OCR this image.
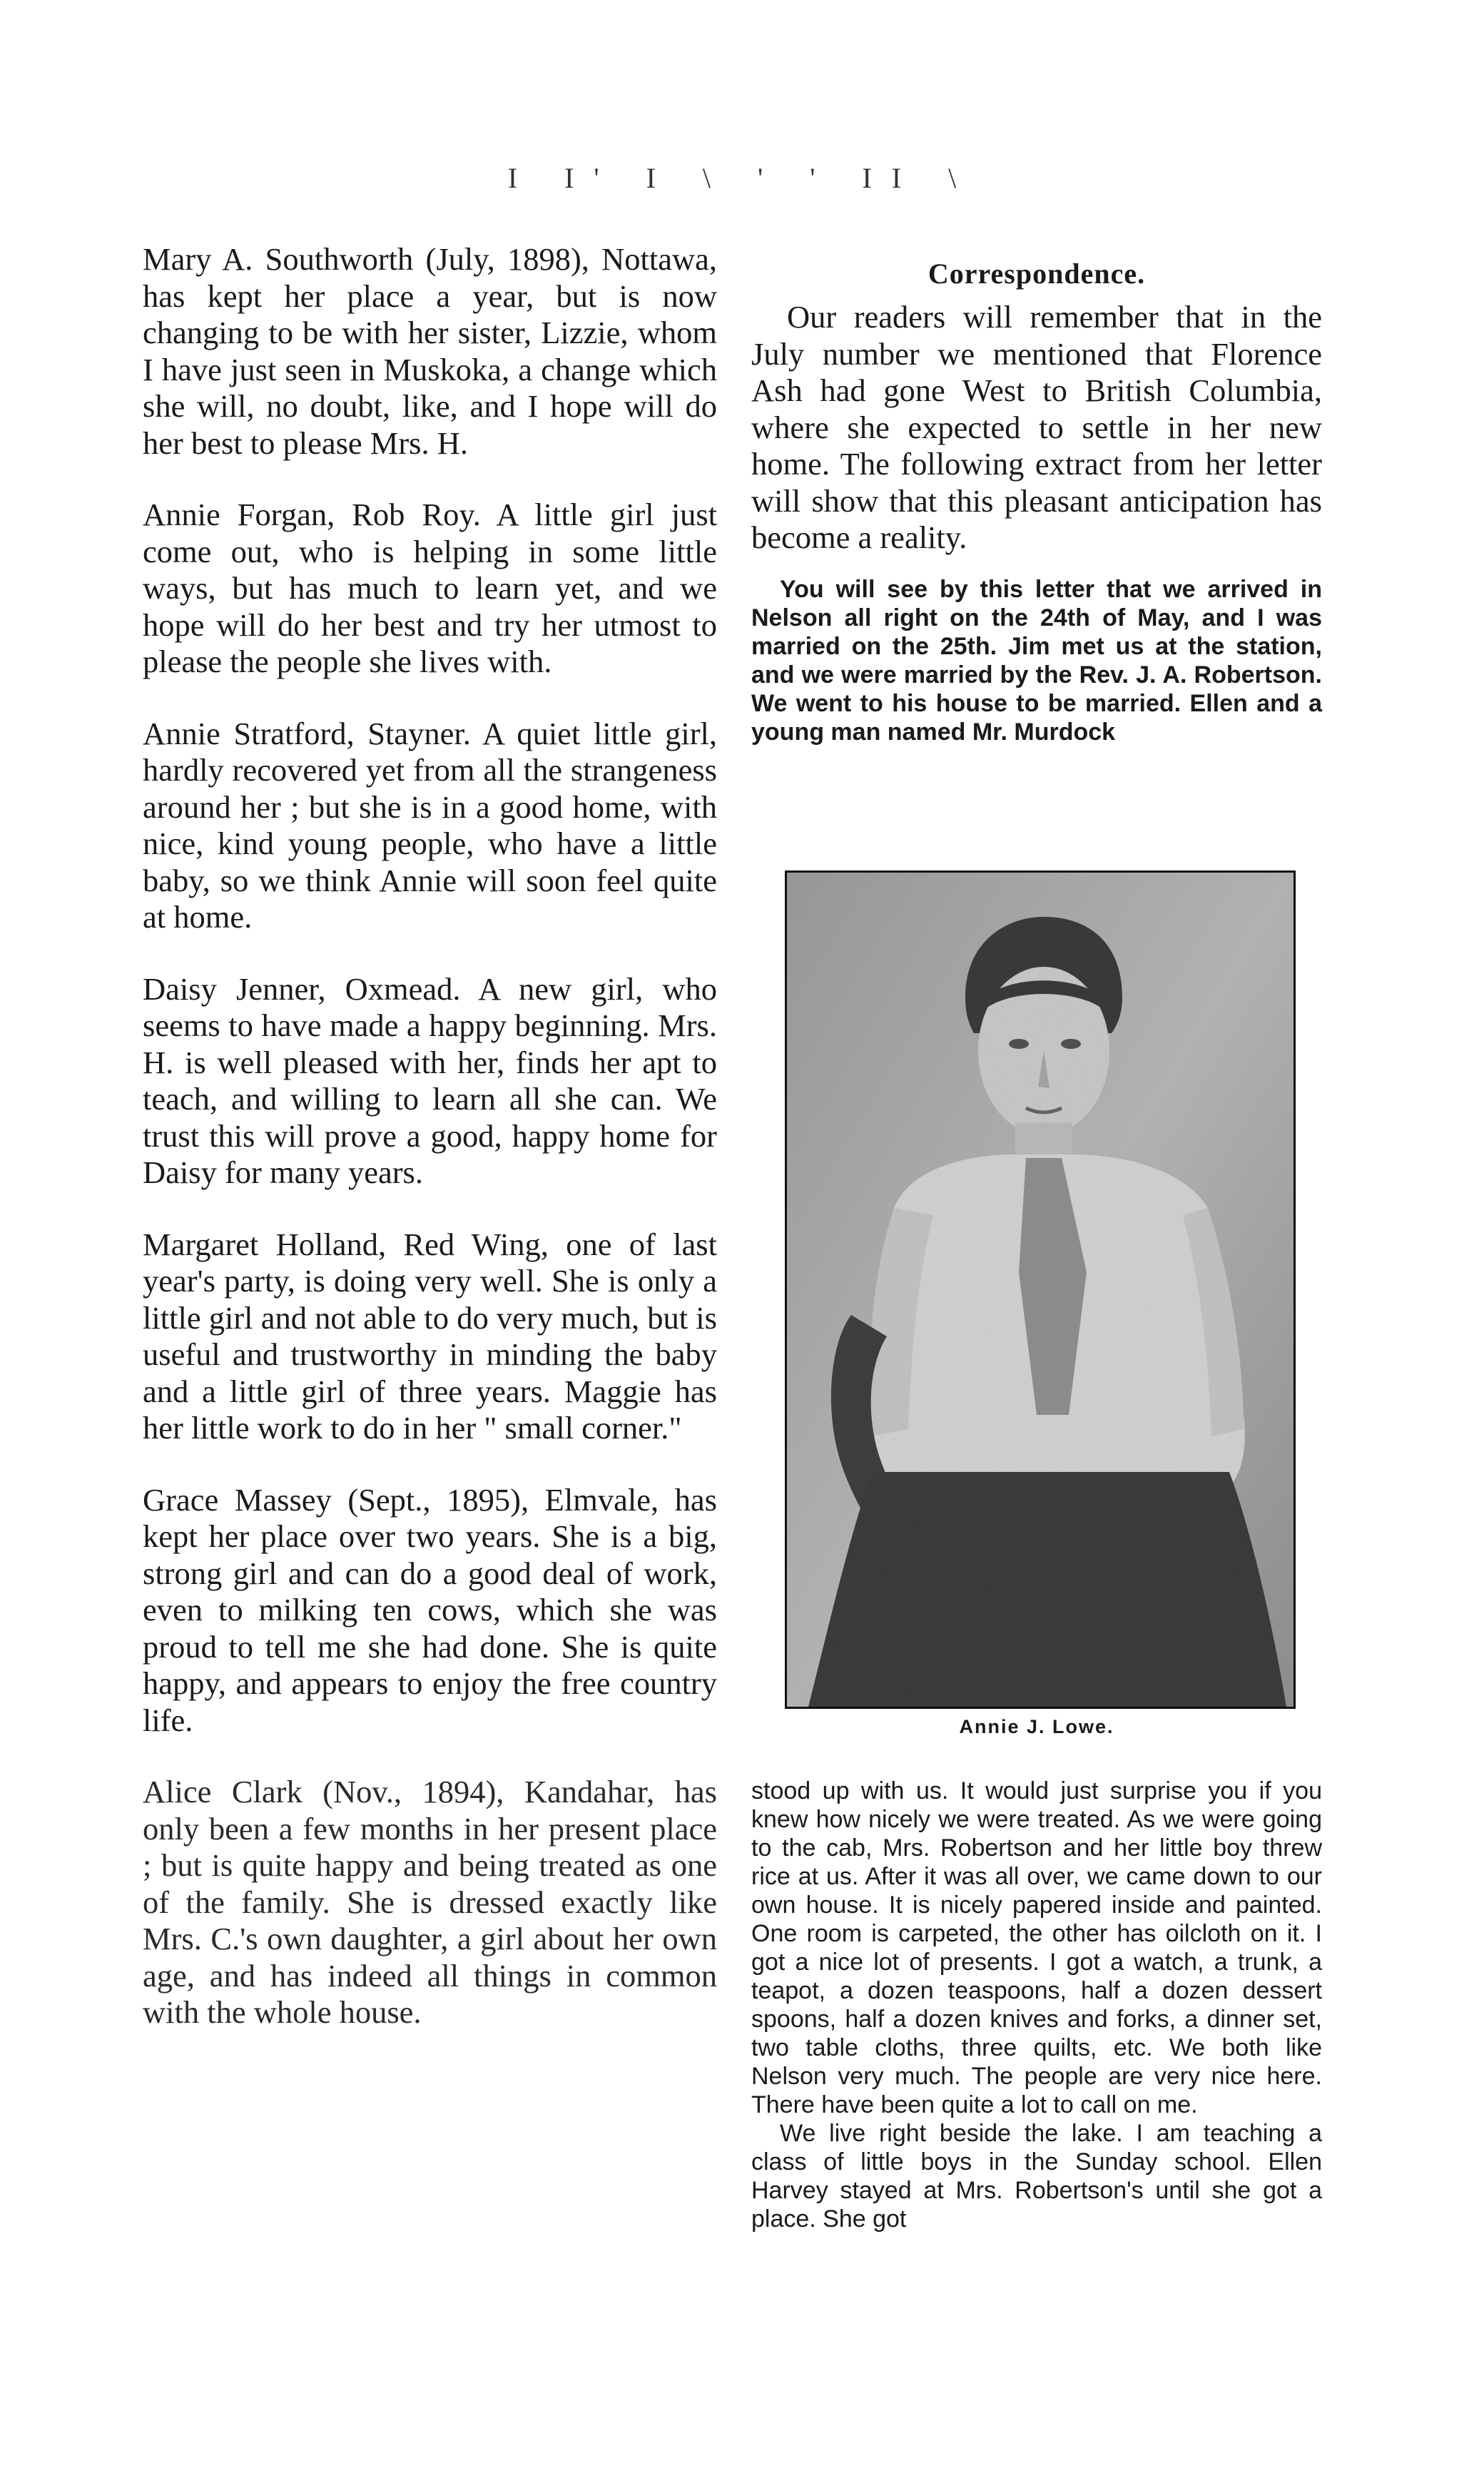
I I' I \ ' ' II \

Mary A. Southworth (July, 1898), Nottawa, has kept her place a year, but is now changing to be with her sister, Lizzie, whom I have just seen in Muskoka, a change which she will, no doubt, like, and I hope will do her best to please Mrs. H.

Annie Forgan, Rob Roy. A little girl just come out, who is helping in some little ways, but has much to learn yet, and we hope will do her best and try her utmost to please the people she lives with.

Annie Stratford, Stayner. A quiet little girl, hardly recovered yet from all the strangeness around her ; but she is in a good home, with nice, kind young people, who have a little baby, so we think Annie will soon feel quite at home.

Daisy Jenner, Oxmead. A new girl, who seems to have made a happy beginning. Mrs. H. is well pleased with her, finds her apt to teach, and willing to learn all she can. We trust this will prove a good, happy home for Daisy for many years.

Margaret Holland, Red Wing, one of last year's party, is doing very well. She is only a little girl and not able to do very much, but is useful and trustworthy in minding the baby and a little girl of three years. Maggie has her little work to do in her " small corner."

Grace Massey (Sept., 1895), Elmvale, has kept her place over two years. She is a big, strong girl and can do a good deal of work, even to milking ten cows, which she was proud to tell me she had done. She is quite happy, and appears to enjoy the free country life.

Alice Clark (Nov., 1894), Kandahar, has only been a few months in her present place ; but is quite happy and being treated as one of the family. She is dressed exactly like Mrs. C.'s own daughter, a girl about her own age, and has indeed all things in common with the whole house.

Correspondence.

Our readers will remember that in the July number we mentioned that Florence Ash had gone West to British Columbia, where she expected to settle in her new home. The following extract from her letter will show that this pleasant anticipation has become a reality.

You will see by this letter that we arrived in Nelson all right on the 24th of May, and I was married on the 25th. Jim met us at the station, and we were married by the Rev. J. A. Robertson. We went to his house to be married. Ellen and a young man named Mr. Murdock

Annie J. Lowe.

stood up with us. It would just surprise you if you knew how nicely we were treated. As we were going to the cab, Mrs. Robertson and her little boy threw rice at us. After it was all over, we came down to our own house. It is nicely papered inside and painted. One room is carpeted, the other has oilcloth on it. I got a nice lot of presents. I got a watch, a trunk, a teapot, a dozen teaspoons, half a dozen dessert spoons, half a dozen knives and forks, a dinner set, two table cloths, three quilts, etc. We both like Nelson very much. The people are very nice here. There have been quite a lot to call on me.

We live right beside the lake. I am teaching a class of little boys in the Sunday school. Ellen Harvey stayed at Mrs. Robertson's until she got a place. She got
